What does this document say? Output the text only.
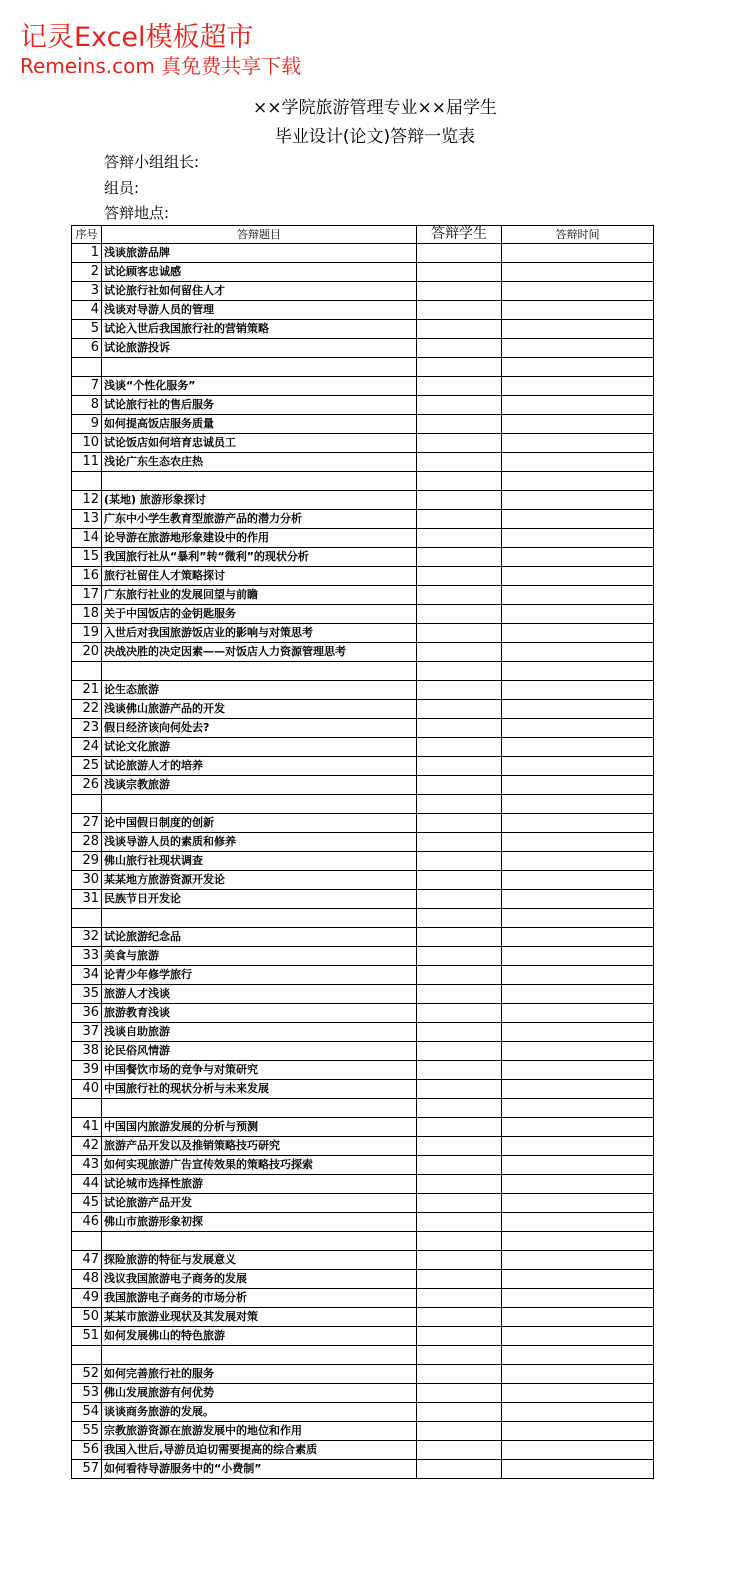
记灵Excel模板超市
Remeins.com 真免费共享下载
××学院旅游管理专业××届学生
毕业设计(论文)答辩一览表
答辩小组组长:
组员:
答辩地点:
序号	答辩题目	答辩学生	答辩时间
1	浅谈旅游品牌		
2	试论顾客忠诚感		
3	试论旅行社如何留住人才		
4	浅谈对导游人员的管理		
5	试论入世后我国旅行社的营销策略		
6	试论旅游投诉		

7	浅谈“个性化服务”		
8	试论旅行社的售后服务		
9	如何提高饭店服务质量		
10	试论饭店如何培育忠诚员工		
11	浅论广东生态农庄热		

12	(某地) 旅游形象探讨		
13	广东中小学生教育型旅游产品的潜力分析		
14	论导游在旅游地形象建设中的作用		
15	我国旅行社从“暴利”转“微利”的现状分析		
16	旅行社留住人才策略探讨		
17	广东旅行社业的发展回望与前瞻		
18	关于中国饭店的金钥匙服务		
19	入世后对我国旅游饭店业的影响与对策思考		
20	决战决胜的决定因素——对饭店人力资源管理思考		

21	论生态旅游		
22	浅谈佛山旅游产品的开发		
23	假日经济该向何处去?		
24	试论文化旅游		
25	试论旅游人才的培养		
26	浅谈宗教旅游		

27	论中国假日制度的创新		
28	浅谈导游人员的素质和修养		
29	佛山旅行社现状调查		
30	某某地方旅游资源开发论		
31	民族节日开发论		

32	试论旅游纪念品		
33	美食与旅游		
34	论青少年修学旅行		
35	旅游人才浅谈		
36	旅游教育浅谈		
37	浅谈自助旅游		
38	论民俗风情游		
39	中国餐饮市场的竞争与对策研究		
40	中国旅行社的现状分析与未来发展		

41	中国国内旅游发展的分析与预测		
42	旅游产品开发以及推销策略技巧研究		
43	如何实现旅游广告宣传效果的策略技巧探索		
44	试论城市选择性旅游		
45	试论旅游产品开发		
46	佛山市旅游形象初探		

47	探险旅游的特征与发展意义		
48	浅议我国旅游电子商务的发展		
49	我国旅游电子商务的市场分析		
50	某某市旅游业现状及其发展对策		
51	如何发展佛山的特色旅游		

52	如何完善旅行社的服务		
53	佛山发展旅游有何优势		
54	谈谈商务旅游的发展。		
55	宗教旅游资源在旅游发展中的地位和作用		
56	我国入世后,导游员迫切需要提高的综合素质		
57	如何看待导游服务中的“小费制”		
